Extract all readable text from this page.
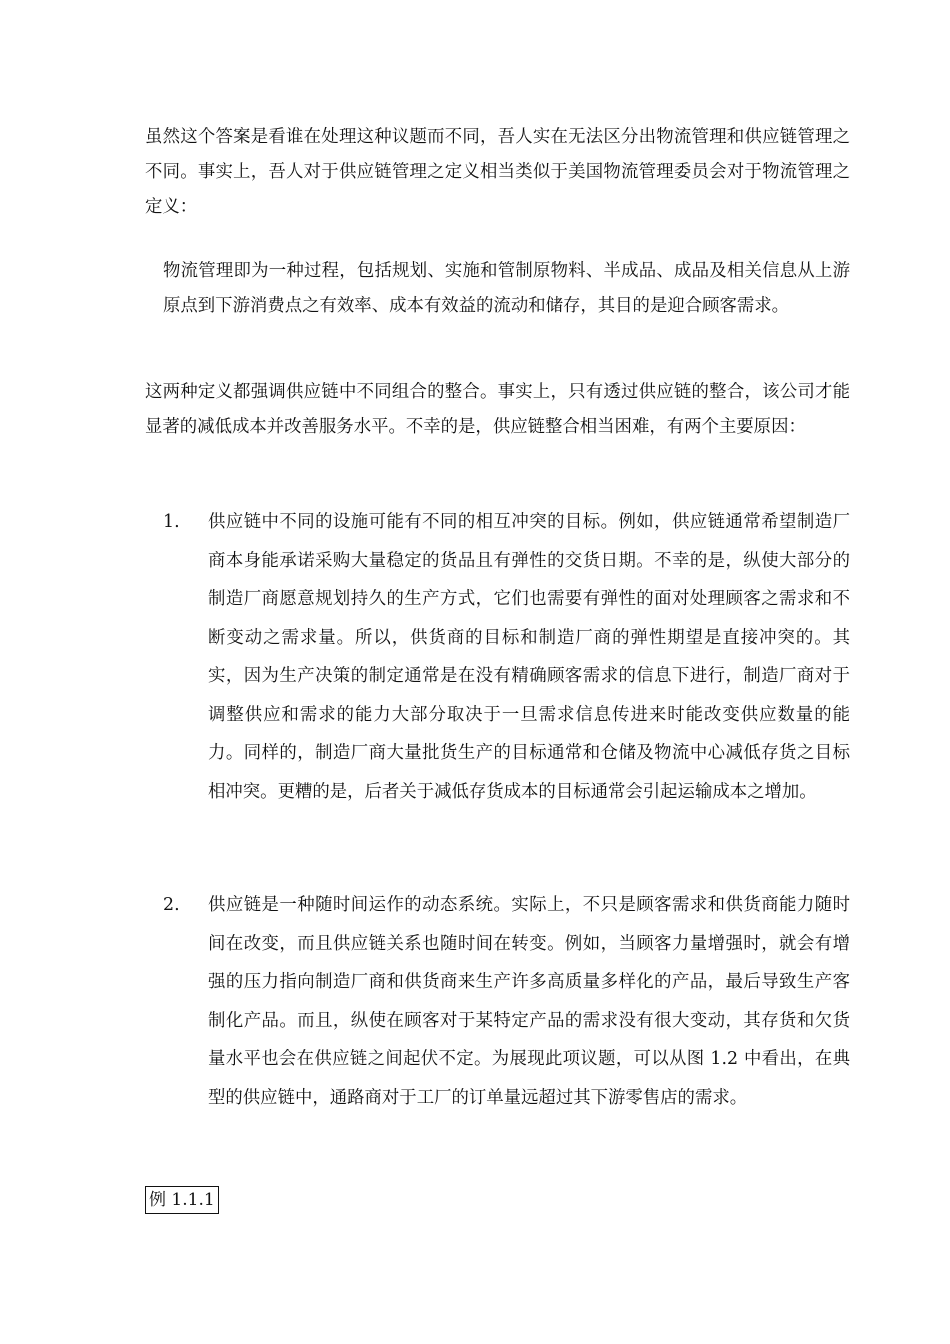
虽然这个答案是看谁在处理这种议题而不同，吾人实在无法区分出物流管理和供应链管理之不同。事实上，吾人对于供应链管理之定义相当类似于美国物流管理委员会对于物流管理之定义：

物流管理即为一种过程，包括规划、实施和管制原物料、半成品、成品及相关信息从上游原点到下游消费点之有效率、成本有效益的流动和储存，其目的是迎合顾客需求。

这两种定义都强调供应链中不同组合的整合。事实上，只有透过供应链的整合，该公司才能显著的减低成本并改善服务水平。不幸的是，供应链整合相当困难，有两个主要原因：

1. 供应链中不同的设施可能有不同的相互冲突的目标。例如，供应链通常希望制造厂商本身能承诺采购大量稳定的货品且有弹性的交货日期。不幸的是，纵使大部分的制造厂商愿意规划持久的生产方式，它们也需要有弹性的面对处理顾客之需求和不断变动之需求量。所以，供货商的目标和制造厂商的弹性期望是直接冲突的。其实，因为生产决策的制定通常是在没有精确顾客需求的信息下进行，制造厂商对于调整供应和需求的能力大部分取决于一旦需求信息传进来时能改变供应数量的能力。同样的，制造厂商大量批货生产的目标通常和仓储及物流中心减低存货之目标相冲突。更糟的是，后者关于减低存货成本的目标通常会引起运输成本之增加。

2. 供应链是一种随时间运作的动态系统。实际上，不只是顾客需求和供货商能力随时间在改变，而且供应链关系也随时间在转变。例如，当顾客力量增强时，就会有增强的压力指向制造厂商和供货商来生产许多高质量多样化的产品，最后导致生产客制化产品。而且，纵使在顾客对于某特定产品的需求没有很大变动，其存货和欠货量水平也会在供应链之间起伏不定。为展现此项议题，可以从图 1.2 中看出，在典型的供应链中，通路商对于工厂的订单量远超过其下游零售店的需求。

例 1.1.1
